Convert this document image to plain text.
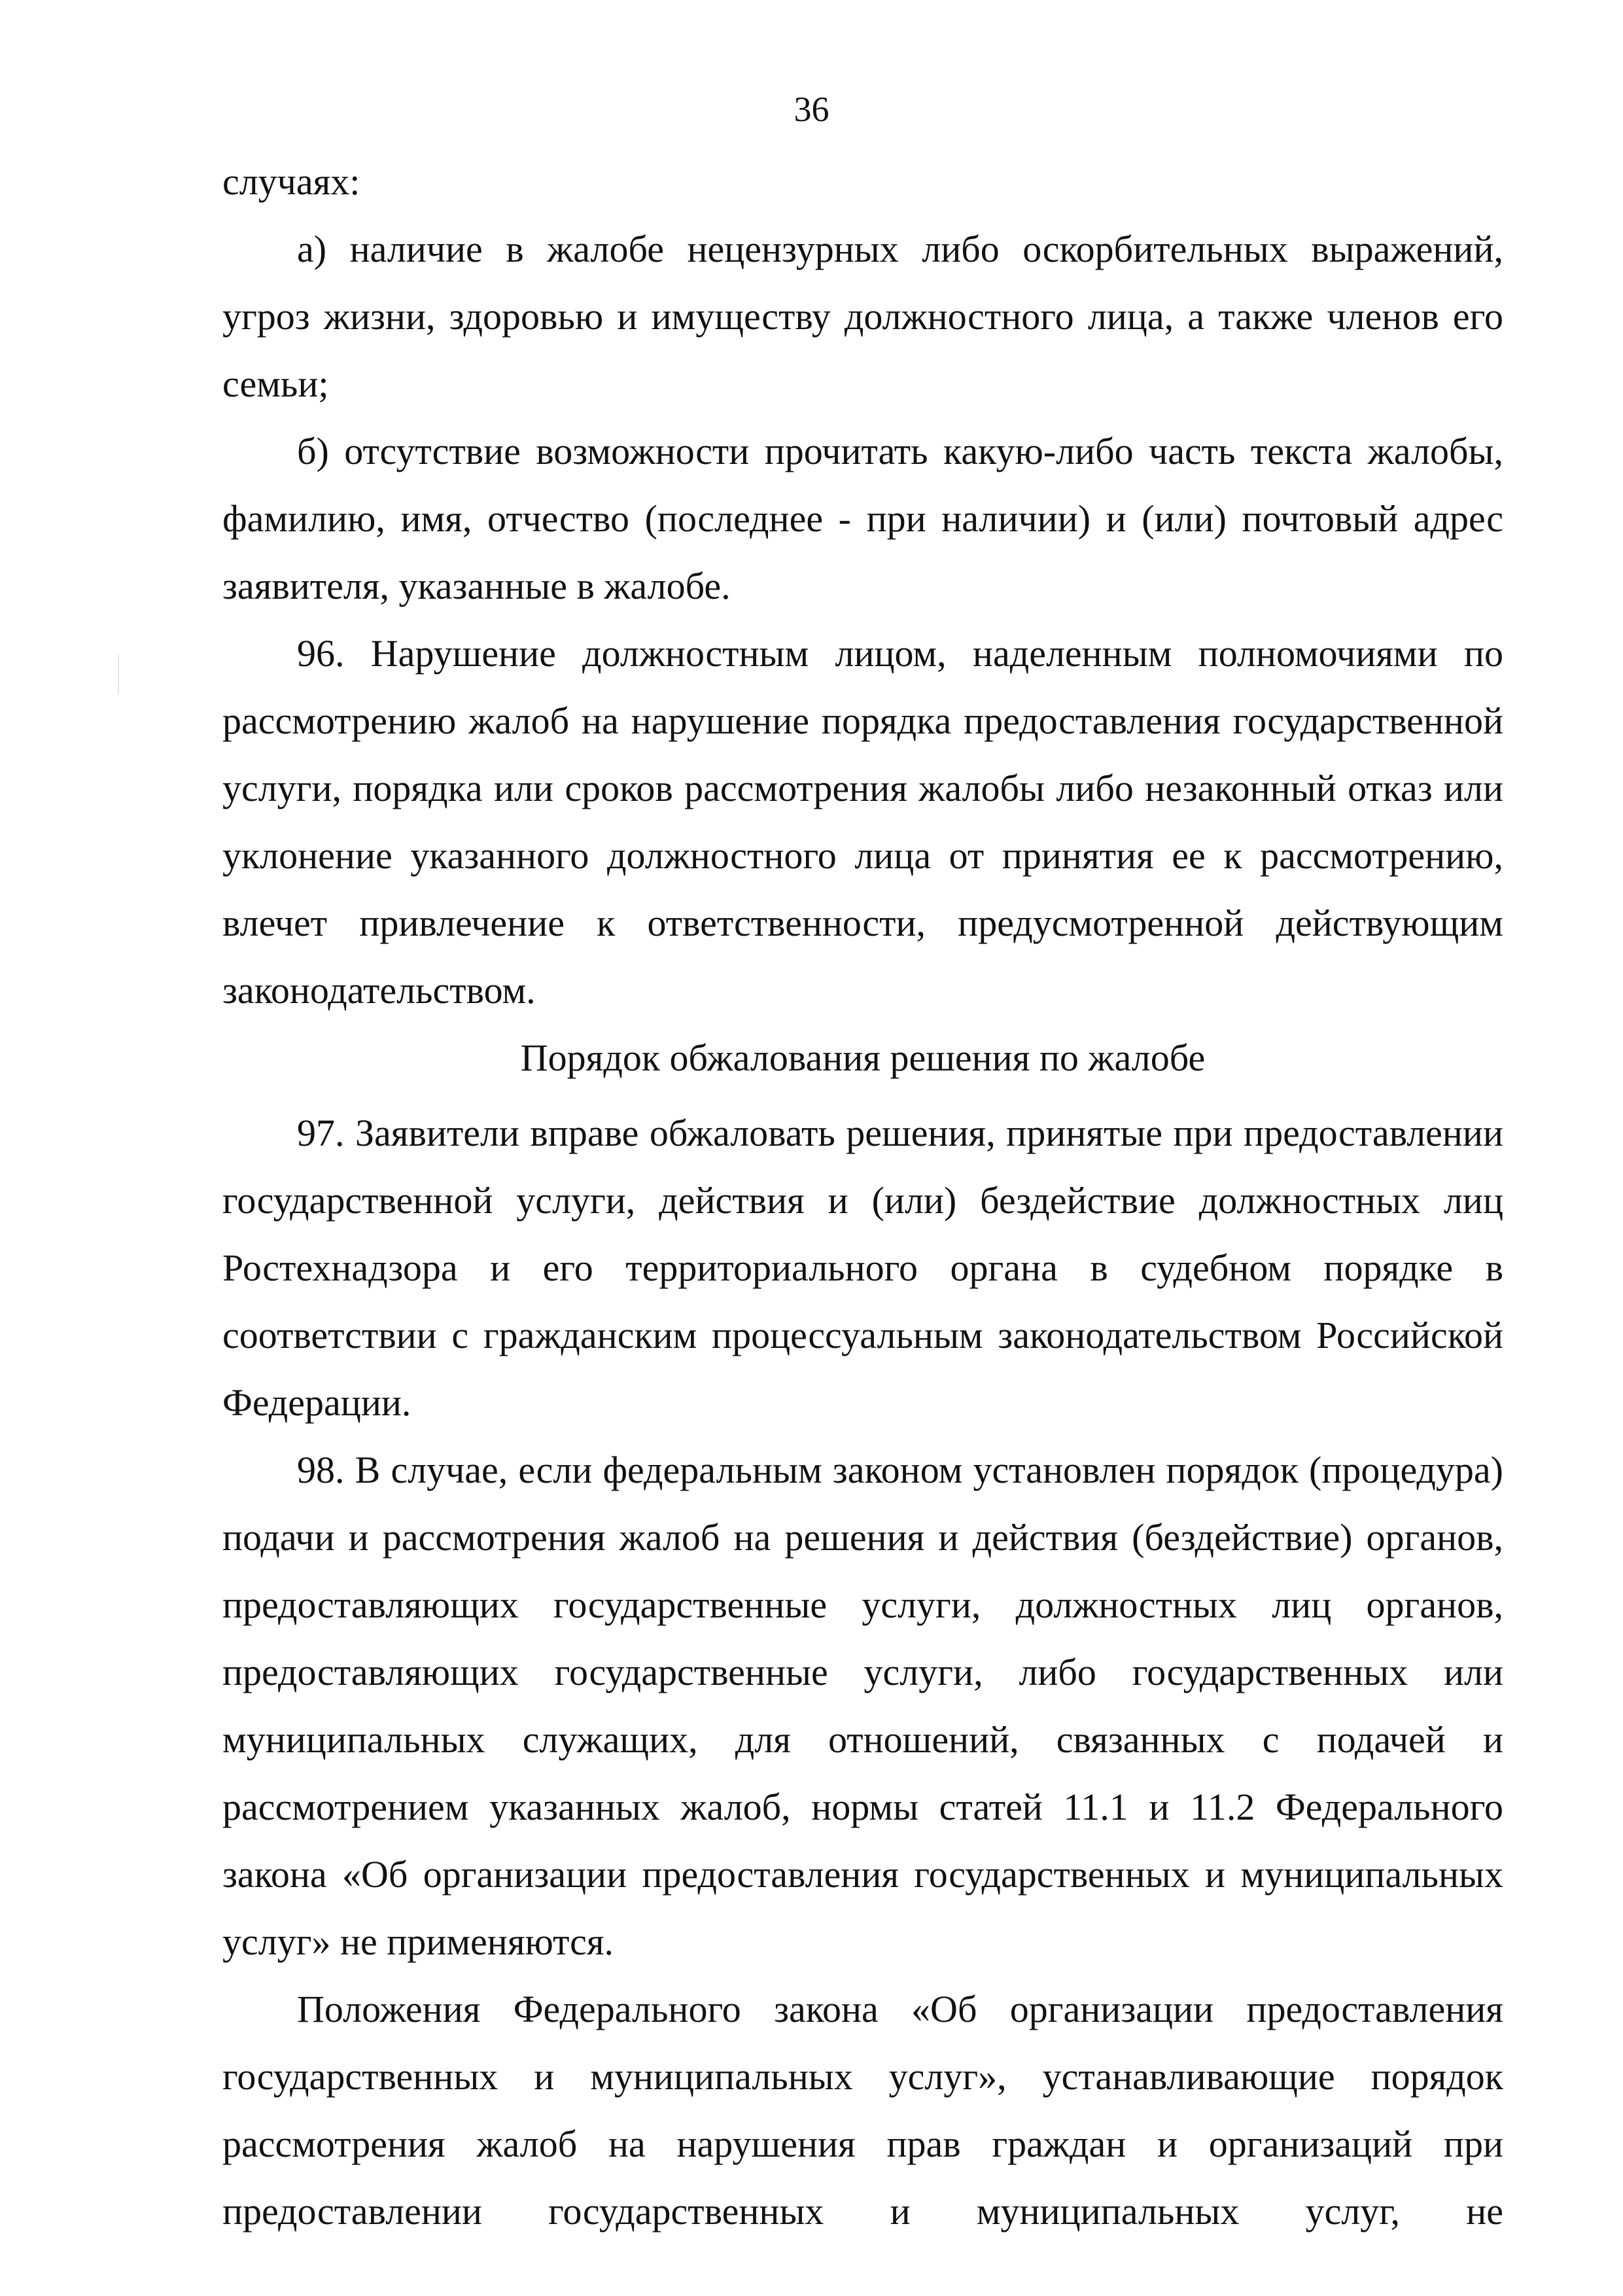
36

случаях:

а) наличие в жалобе нецензурных либо оскорбительных выражений, угроз жизни, здоровью и имуществу должностного лица, а также членов его семьи;

б) отсутствие возможности прочитать какую-либо часть текста жалобы, фамилию, имя, отчество (последнее - при наличии) и (или) почтовый адрес заявителя, указанные в жалобе.

96. Нарушение должностным лицом, наделенным полномочиями по рассмотрению жалоб на нарушение порядка предоставления государственной услуги, порядка или сроков рассмотрения жалобы либо незаконный отказ или уклонение указанного должностного лица от принятия ее к рассмотрению, влечет привлечение к ответственности, предусмотренной действующим законодательством.

Порядок обжалования решения по жалобе

97. Заявители вправе обжаловать решения, принятые при предоставлении государственной услуги, действия и (или) бездействие должностных лиц Ростехнадзора и его территориального органа в судебном порядке в соответствии с гражданским процессуальным законодательством Российской Федерации.

98. В случае, если федеральным законом установлен порядок (процедура) подачи и рассмотрения жалоб на решения и действия (бездействие) органов, предоставляющих государственные услуги, должностных лиц органов, предоставляющих государственные услуги, либо государственных или муниципальных служащих, для отношений, связанных с подачей и рассмотрением указанных жалоб, нормы статей 11.1 и 11.2 Федерального закона «Об организации предоставления государственных и муниципальных услуг» не применяются.

Положения Федерального закона «Об организации предоставления государственных и муниципальных услуг», устанавливающие порядок рассмотрения жалоб на нарушения прав граждан и организаций при предоставлении государственных и муниципальных услуг, не
